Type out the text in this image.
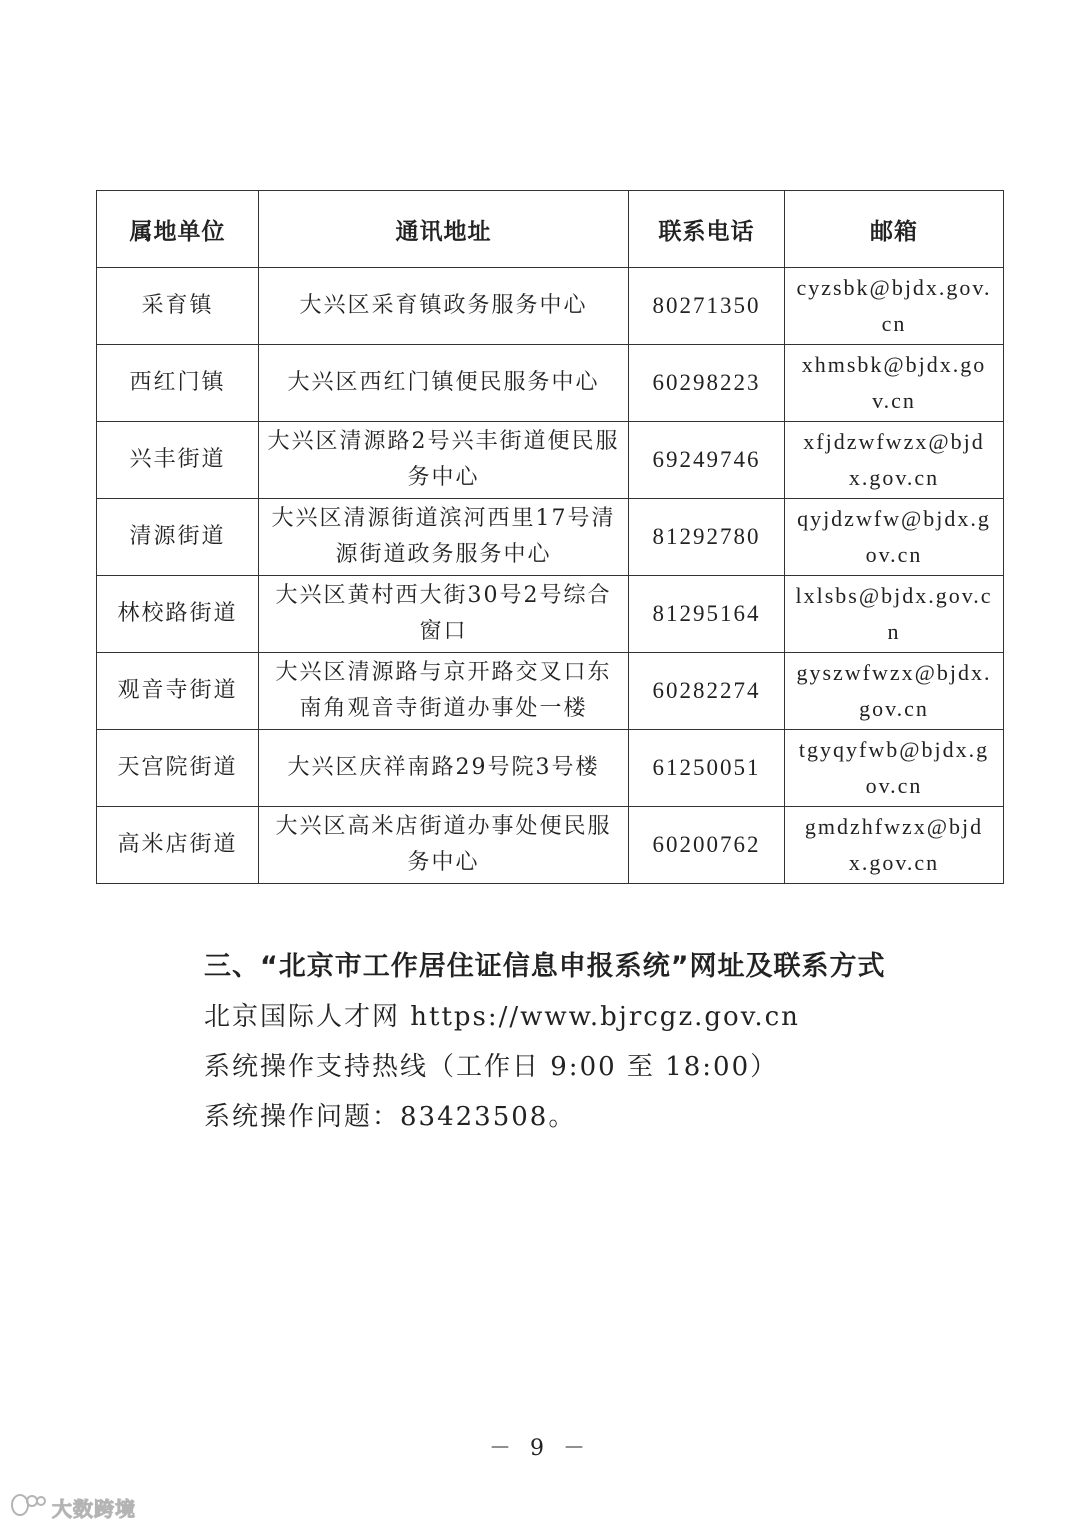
属地单位	通讯地址	联系电话	邮箱
采育镇	大兴区采育镇政务服务中心	80271350	cyzsbk@bjdx.gov.cn
西红门镇	大兴区西红门镇便民服务中心	60298223	xhmsbk@bjdx.gov.cn
兴丰街道	大兴区清源路2号兴丰街道便民服务中心	69249746	xfjdzwfwzx@bjdx.gov.cn
清源街道	大兴区清源街道滨河西里17号清源街道政务服务中心	81292780	qyjdzwfw@bjdx.gov.cn
林校路街道	大兴区黄村西大街30号2号综合窗口	81295164	lxlsbs@bjdx.gov.cn
观音寺街道	大兴区清源路与京开路交叉口东南角观音寺街道办事处一楼	60282274	gyszwfwzx@bjdx.gov.cn
天宫院街道	大兴区庆祥南路29号院3号楼	61250051	tgyqyfwb@bjdx.gov.cn
高米店街道	大兴区高米店街道办事处便民服务中心	60200762	gmdzhfwzx@bjdx.gov.cn

三、“北京市工作居住证信息申报系统”网址及联系方式

北京国际人才网 https://www.bjrcgz.gov.cn

系统操作支持热线（工作日 9:00 至 18:00）

系统操作问题：83423508。

－ 9 －
大数跨境
